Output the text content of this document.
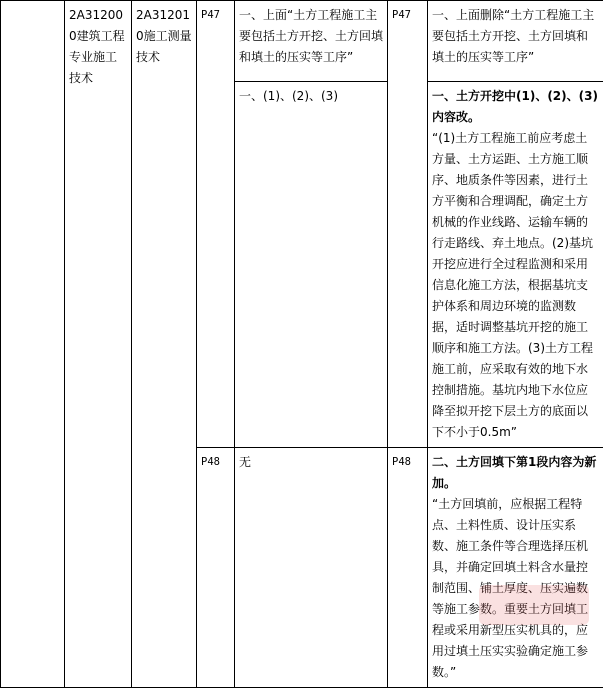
	2A312000建筑工程专业施工技术	2A312010施工测量技术	P47	一、上面“土方工程施工主要包括土方开挖、土方回填和填土的压实等工序”	P47	一、上面删除“土方工程施工主要包括土方开挖、土方回填和填土的压实等工序”
				一、(1)、(2)、(3)		一、土方开挖中(1)、(2)、(3)内容改。
“(1)土方工程施工前应考虑土方量、土方运距、土方施工顺序、地质条件等因素，进行土方平衡和合理调配，确定土方机械的作业线路、运输车辆的行走路线、弃土地点。(2)基坑开挖应进行全过程监测和采用信息化施工方法，根据基坑支护体系和周边环境的监测数据，适时调整基坑开挖的施工顺序和施工方法。(3)土方工程施工前，应采取有效的地下水控制措施。基坑内地下水位应降至拟开挖下层土方的底面以下不小于0.5m”

			P48	无	P48	二、土方回填下第1段内容为新加。
“土方回填前，应根据工程特点、土料性质、设计压实系数、施工条件等合理选择压机具，并确定回填土料含水量控制范围、铺土厚度、压实遍数等施工参数。重要土方回填工程或采用新型压实机具的，应用过填土压实实验确定施工参数。”
